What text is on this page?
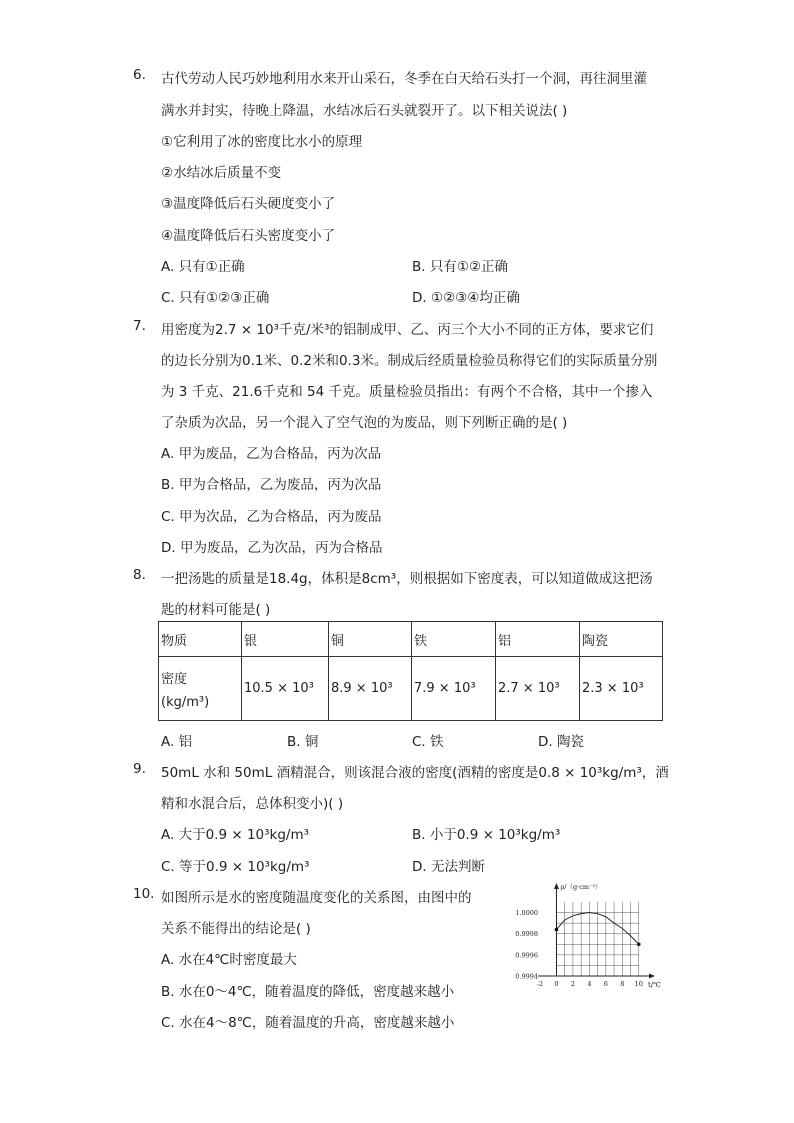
6. 古代劳动人民巧妙地利用水来开山采石，冬季在白天给石头打一个洞，再往洞里灌
满水并封实，待晚上降温，水结冰后石头就裂开了。以下相关说法( )
①它利用了冰的密度比水小的原理
②水结冰后质量不变
③温度降低后石头硬度变小了
④温度降低后石头密度变小了
A. 只有①正确	B. 只有①②正确
C. 只有①②③正确	D. ①②③④均正确
7. 用密度为2.7 × 10³千克/米³的铝制成甲、乙、丙三个大小不同的正方体，要求它们
的边长分别为0.1米、0.2米和0.3米。制成后经质量检验员称得它们的实际质量分别
为 3 千克、21.6千克和 54 千克。质量检验员指出：有两个不合格，其中一个掺入
了杂质为次品，另一个混入了空气泡的为废品，则下列断正确的是( )
A. 甲为废品，乙为合格品，丙为次品
B. 甲为合格品，乙为废品，丙为次品
C. 甲为次品，乙为合格品，丙为废品
D. 甲为废品，乙为次品，丙为合格品
8. 一把汤匙的质量是18.4g，体积是8cm³，则根据如下密度表，可以知道做成这把汤
匙的材料可能是( )
物质	银	铜	铁	铝	陶瓷

密度
(kg/m³)	10.5 × 10³	8.9 × 10³	7.9 × 10³	2.7 × 10³	2.3 × 10³
A. 铝	B. 铜	C. 铁	D. 陶瓷
9. 50mL 水和 50mL 酒精混合，则该混合液的密度(酒精的密度是0.8 × 10³kg/m³，酒
精和水混合后，总体积变小)( )
A. 大于0.9 × 10³kg/m³	B. 小于0.9 × 10³kg/m³
C. 等于0.9 × 10³kg/m³	D. 无法判断
10. 如图所示是水的密度随温度变化的关系图，由图中的
关系不能得出的结论是( )
A. 水在4℃时密度最大
B. 水在0～4℃，随着温度的降低，密度越来越小
C. 水在4～8℃，随着温度的升高，密度越来越小
ρ/（g·cm⁻³）
t/℃
1.0000
0.9998
0.9996
0.9994
-2 0 2 4 6 8 10
